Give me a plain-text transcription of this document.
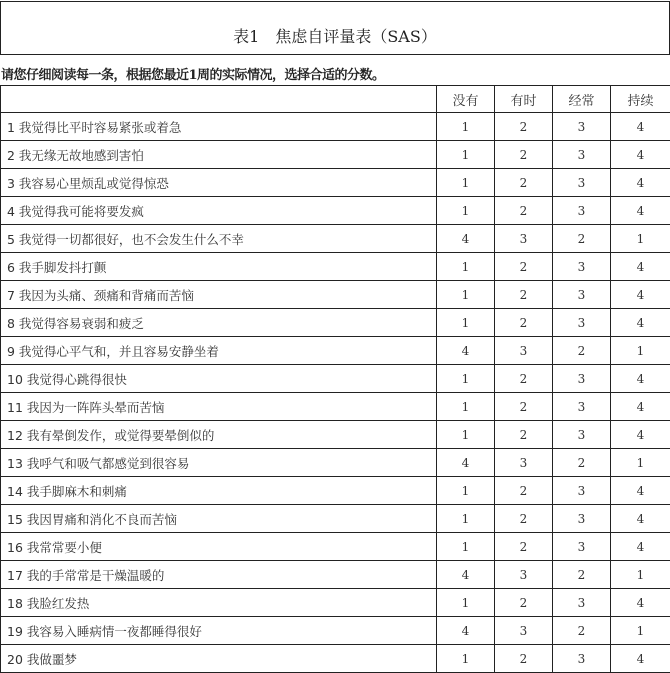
表1　焦虑自评量表（SAS）
请您仔细阅读每一条，根据您最近1周的实际情况，选择合适的分数。
	没有	有时	经常	持续
1 我觉得比平时容易紧张或着急	1	2	3	4
2 我无缘无故地感到害怕	1	2	3	4
3 我容易心里烦乱或觉得惊恐	1	2	3	4
4 我觉得我可能将要发疯	1	2	3	4
5 我觉得一切都很好，也不会发生什么不幸	4	3	2	1
6 我手脚发抖打颤	1	2	3	4
7 我因为头痛、颈痛和背痛而苦恼	1	2	3	4
8 我觉得容易衰弱和疲乏	1	2	3	4
9 我觉得心平气和，并且容易安静坐着	4	3	2	1
10 我觉得心跳得很快	1	2	3	4
11 我因为一阵阵头晕而苦恼	1	2	3	4
12 我有晕倒发作，或觉得要晕倒似的	1	2	3	4
13 我呼气和吸气都感觉到很容易	4	3	2	1
14 我手脚麻木和刺痛	1	2	3	4
15 我因胃痛和消化不良而苦恼	1	2	3	4
16 我常常要小便	1	2	3	4
17 我的手常常是干燥温暖的	4	3	2	1
18 我脸红发热	1	2	3	4
19 我容易入睡病情一夜都睡得很好	4	3	2	1
20 我做噩梦	1	2	3	4
